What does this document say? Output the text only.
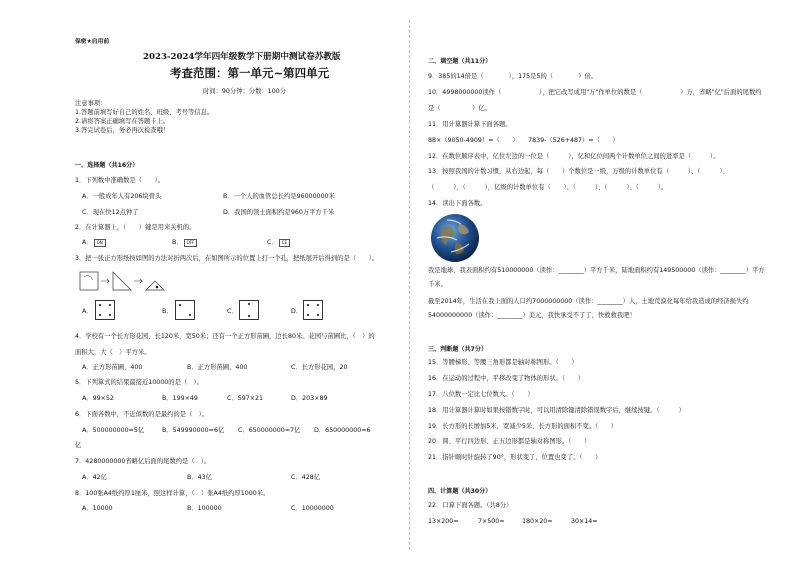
保密★启用前
2023-2024学年四年级数学下册期中测试卷苏教版
考查范围：第一单元~第四单元
时间：90分钟；分数：100分
注意事项：
1.答题前填写好自己的姓名、班级、考号等信息。
2.请将答案正确填写在答题卡上。
3.答完试卷后，务必再次检查哦！
一、选择题（共16分）
1．下列数中准确数是（　　）。
A．一般成年人有206块骨头	B．一个人的血管总长约是96000000米
C．现在快12点钟了	D．我国的领土面积约是960万平方千米
2．在计算器上，（　　）键是用来关机的。
A． ON	B． OFF	C． CE
3．把一张正方形纸按如图的方法对折两次后，在如图所示的位置上打一个孔，把纸展开后得到的是（　　）。
A．	B．	C．	D．
4．学校有一个长方形花园，长120米，宽50米；还有一个正方形苗圃，边长80米。花园与苗圃比，（　）的
面积大，大（　）平方米。
A．正方形苗圃，400	B．正方形苗圃，400	C．长方形花园，20
5．下列算式的结果最接近10000的是（　）。
A．99×52	B．199×49	C．597×21	D．203×89
6．下面各数中，不近似数的是最约的是（　）。
A．500000000≈5亿	B．549990000≈6亿 C．650000000≈7亿 D．650000000≈6
亿
7．4280000000省略亿后面的尾数约是（　）。
A．42亿	B．43亿	C．428亿
8．100张A4纸约厚1厘米，照这样计算，（　）张A4纸约厚1000米。
A．10000	B．100000	C．10000000
二、填空题（共11分）
9．385的14倍是（　　　　），175是5的（　　　　）倍。
10．4998000000读作（　　　　　　），把它改写成用"万"作单位的数是（　　　　　　）万，省略"亿"后面的尾数约
是（　　　　　）亿。
11．用计算器计算下面各题。
88×（9050-4909）=（　　）　　7839-（526+487）=（　　）
12．在数位顺序表中，亿位左边的一位是（　　　），亿和亿位间两个计数单位之间的进率是（　　　）。
13．按照我国的计数习惯，从右边起，每（　　）个数位是一级，万级的计数单位有（　　　）、（　　　）、
（　　　）、（　　　），亿级的计数单位有（　　）、（　　　）、（　　　）、（　　　）。
14．读出下面各数。
我是地球，我表面积约有510000000（读作：________）平方千米，陆地面积约有149500000（读作：________）平方
千米。
截至2014年，生活在我上面的人口约7000000000（读作：________）人，土地荒漠化每年给我造成的经济损失约
54000000000（读作：________）美元，我快承受不了了，快救救我吧！
三、判断题（共7分）
15．等腰梯形、等腰三角形都是轴对称图形。（　　）
16．在运动的过程中，平移改变了物体的形状。（　　）
17．八位数一定比七位数大。（　　）
18．用计算器计算时如果按错数字时，可以用清除键清除错误数字后，继续按键。（　　　）
19．长方形的长增加5米，宽减少5米，长方形的面积不变。（　　）
20．圆、平行四边形、正五边形都是轴对称图形。（　　）
21．指针顺时针旋转了90°，形状变了，位置也变了。（　　）
四、计算题（共30分）
22．口算下面各题。（共8分）
13×200=	7×500=	180×20=	30×14=
